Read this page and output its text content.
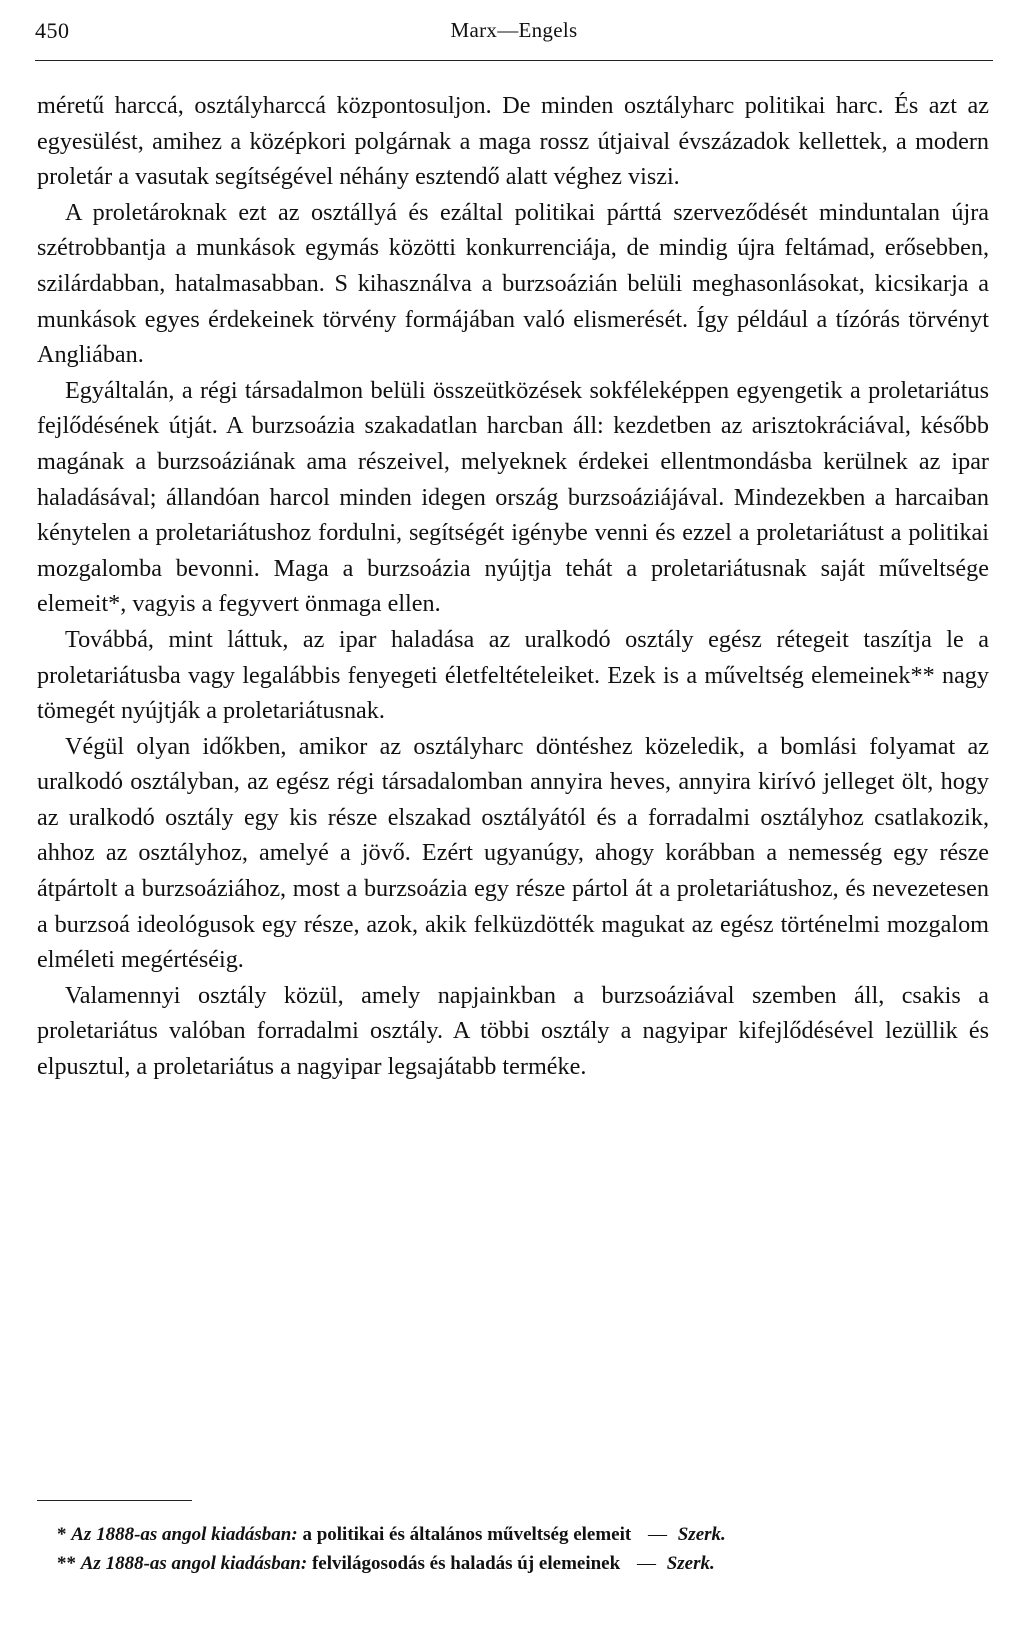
450	Marx—Engels

méretű harccá, osztályharccá központosuljon. De minden osztályharc politikai harc. És azt az egyesülést, amihez a középkori polgárnak a maga rossz útjaival évszázadok kellettek, a modern proletár a vasutak segítségével néhány esztendő alatt véghez viszi.

A proletároknak ezt az osztállyá és ezáltal politikai párttá szerveződését minduntalan újra szétrobbantja a munkások egymás közötti konkurrenciája, de mindig újra feltámad, erősebben, szilárdabban, hatalmasabban. S kihasználva a burzsoázián belüli meghasonlásokat, kicsikarja a munkások egyes érdekeinek törvény formájában való elismerését. Így például a tízórás törvényt Angliában.

Egyáltalán, a régi társadalmon belüli összeütközések sokféleképpen egyengetik a proletariátus fejlődésének útját. A burzsoázia szakadatlan harcban áll: kezdetben az arisztokráciával, később magának a burzsoáziának ama részeivel, melyeknek érdekei ellentmondásba kerülnek az ipar haladásával; állandóan harcol minden idegen ország burzsoáziájával. Mindezekben a harcaiban kénytelen a proletariátushoz fordulni, segítségét igénybe venni és ezzel a proletariátust a politikai mozgalomba bevonni. Maga a burzsoázia nyújtja tehát a proletariátusnak saját műveltsége elemeit*, vagyis a fegyvert önmaga ellen.

Továbbá, mint láttuk, az ipar haladása az uralkodó osztály egész rétegeit taszítja le a proletariátusba vagy legalábbis fenyegeti életfeltételeiket. Ezek is a műveltség elemeinek** nagy tömegét nyújtják a proletariátusnak.

Végül olyan időkben, amikor az osztályharc döntéshez közeledik, a bomlási folyamat az uralkodó osztályban, az egész régi társadalomban annyira heves, annyira kirívó jelleget ölt, hogy az uralkodó osztály egy kis része elszakad osztályától és a forradalmi osztályhoz csatlakozik, ahhoz az osztályhoz, amelyé a jövő. Ezért ugyanúgy, ahogy korábban a nemesség egy része átpártolt a burzsoáziához, most a burzsoázia egy része pártol át a proletariátushoz, és nevezetesen a burzsoá ideológusok egy része, azok, akik felküzdötték magukat az egész történelmi mozgalom elméleti megértéséig.

Valamennyi osztály közül, amely napjainkban a burzsoáziával szemben áll, csakis a proletariátus valóban forradalmi osztály. A többi osztály a nagyipar kifejlődésével lezüllik és elpusztul, a proletariátus a nagyipar legsajátabb terméke.

* Az 1888-as angol kiadásban: a politikai és általános műveltség elemeit — Szerk.

** Az 1888-as angol kiadásban: felvilágosodás és haladás új elemeinek — Szerk.
